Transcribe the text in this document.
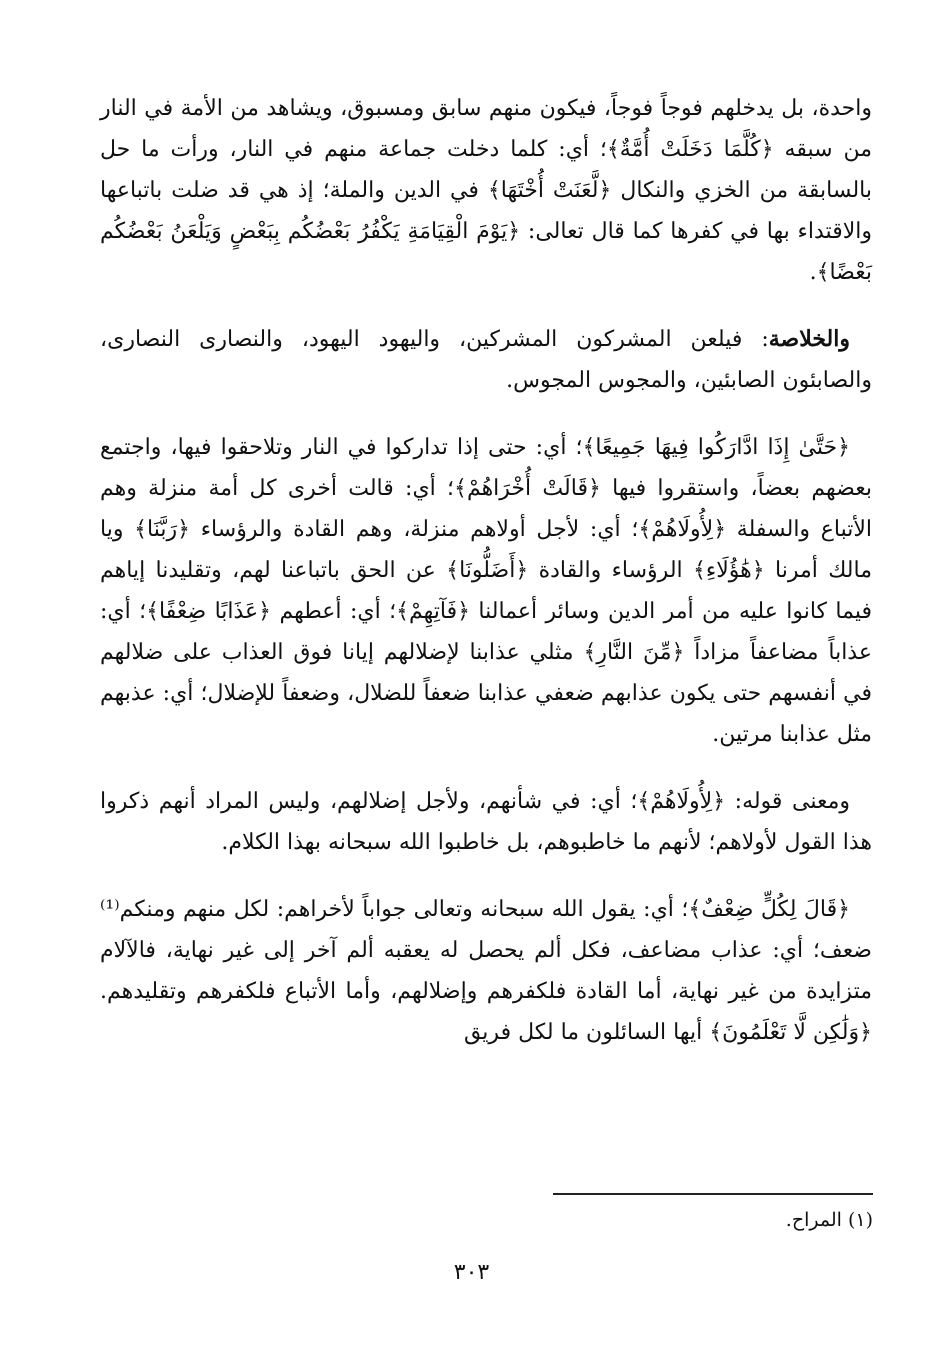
واحدة، بل يدخلهم فوجاً فوجاً، فيكون منهم سابق ومسبوق، ويشاهد من الأمة في النار من سبقه ﴿كُلَّمَا دَخَلَتْ أُمَّةٌ﴾؛ أي: كلما دخلت جماعة منهم في النار، ورأت ما حل بالسابقة من الخزي والنكال ﴿لَّعَنَتْ أُخْتَهَا﴾ في الدين والملة؛ إذ هي قد ضلت باتباعها والاقتداء بها في كفرها كما قال تعالى: ﴿يَوْمَ الْقِيَامَةِ يَكْفُرُ بَعْضُكُم بِبَعْضٍ وَيَلْعَنُ بَعْضُكُم بَعْضًا﴾.

والخلاصة: فيلعن المشركون المشركين، واليهود اليهود، والنصارى النصارى، والصابئون الصابئين، والمجوس المجوس.

﴿حَتَّىٰ إِذَا ادَّارَكُوا فِيهَا جَمِيعًا﴾؛ أي: حتى إذا تداركوا في النار وتلاحقوا فيها، واجتمع بعضهم بعضاً، واستقروا فيها ﴿قَالَتْ أُخْرَاهُمْ﴾؛ أي: قالت أخرى كل أمة منزلة وهم الأتباع والسفلة ﴿لِأُولَاهُمْ﴾؛ أي: لأجل أولاهم منزلة، وهم القادة والرؤساء ﴿رَبَّنَا﴾ ويا مالك أمرنا ﴿هَٰؤُلَاءِ﴾ الرؤساء والقادة ﴿أَضَلُّونَا﴾ عن الحق باتباعنا لهم، وتقليدنا إياهم فيما كانوا عليه من أمر الدين وسائر أعمالنا ﴿فَآتِهِمْ﴾؛ أي: أعطهم ﴿عَذَابًا ضِعْفًا﴾؛ أي: عذاباً مضاعفاً مزاداً ﴿مِّنَ النَّارِ﴾ مثلي عذابنا لإضلالهم إيانا فوق العذاب على ضلالهم في أنفسهم حتى يكون عذابهم ضعفي عذابنا ضعفاً للضلال، وضعفاً للإضلال؛ أي: عذبهم مثل عذابنا مرتين.

ومعنى قوله: ﴿لِأُولَاهُمْ﴾؛ أي: في شأنهم، ولأجل إضلالهم، وليس المراد أنهم ذكروا هذا القول لأولاهم؛ لأنهم ما خاطبوهم، بل خاطبوا الله سبحانه بهذا الكلام.

﴿قَالَ لِكُلٍّ ضِعْفٌ﴾؛ أي: يقول الله سبحانه وتعالى جواباً لأخراهم: لكل منهم ومنكم⁽¹⁾ ضعف؛ أي: عذاب مضاعف، فكل ألم يحصل له يعقبه ألم آخر إلى غير نهاية، فالآلام متزايدة من غير نهاية، أما القادة فلكفرهم وإضلالهم، وأما الأتباع فلكفرهم وتقليدهم. ﴿وَلَٰكِن لَّا تَعْلَمُونَ﴾ أيها السائلون ما لكل فريق

(١) المراح.
٣٠٣
